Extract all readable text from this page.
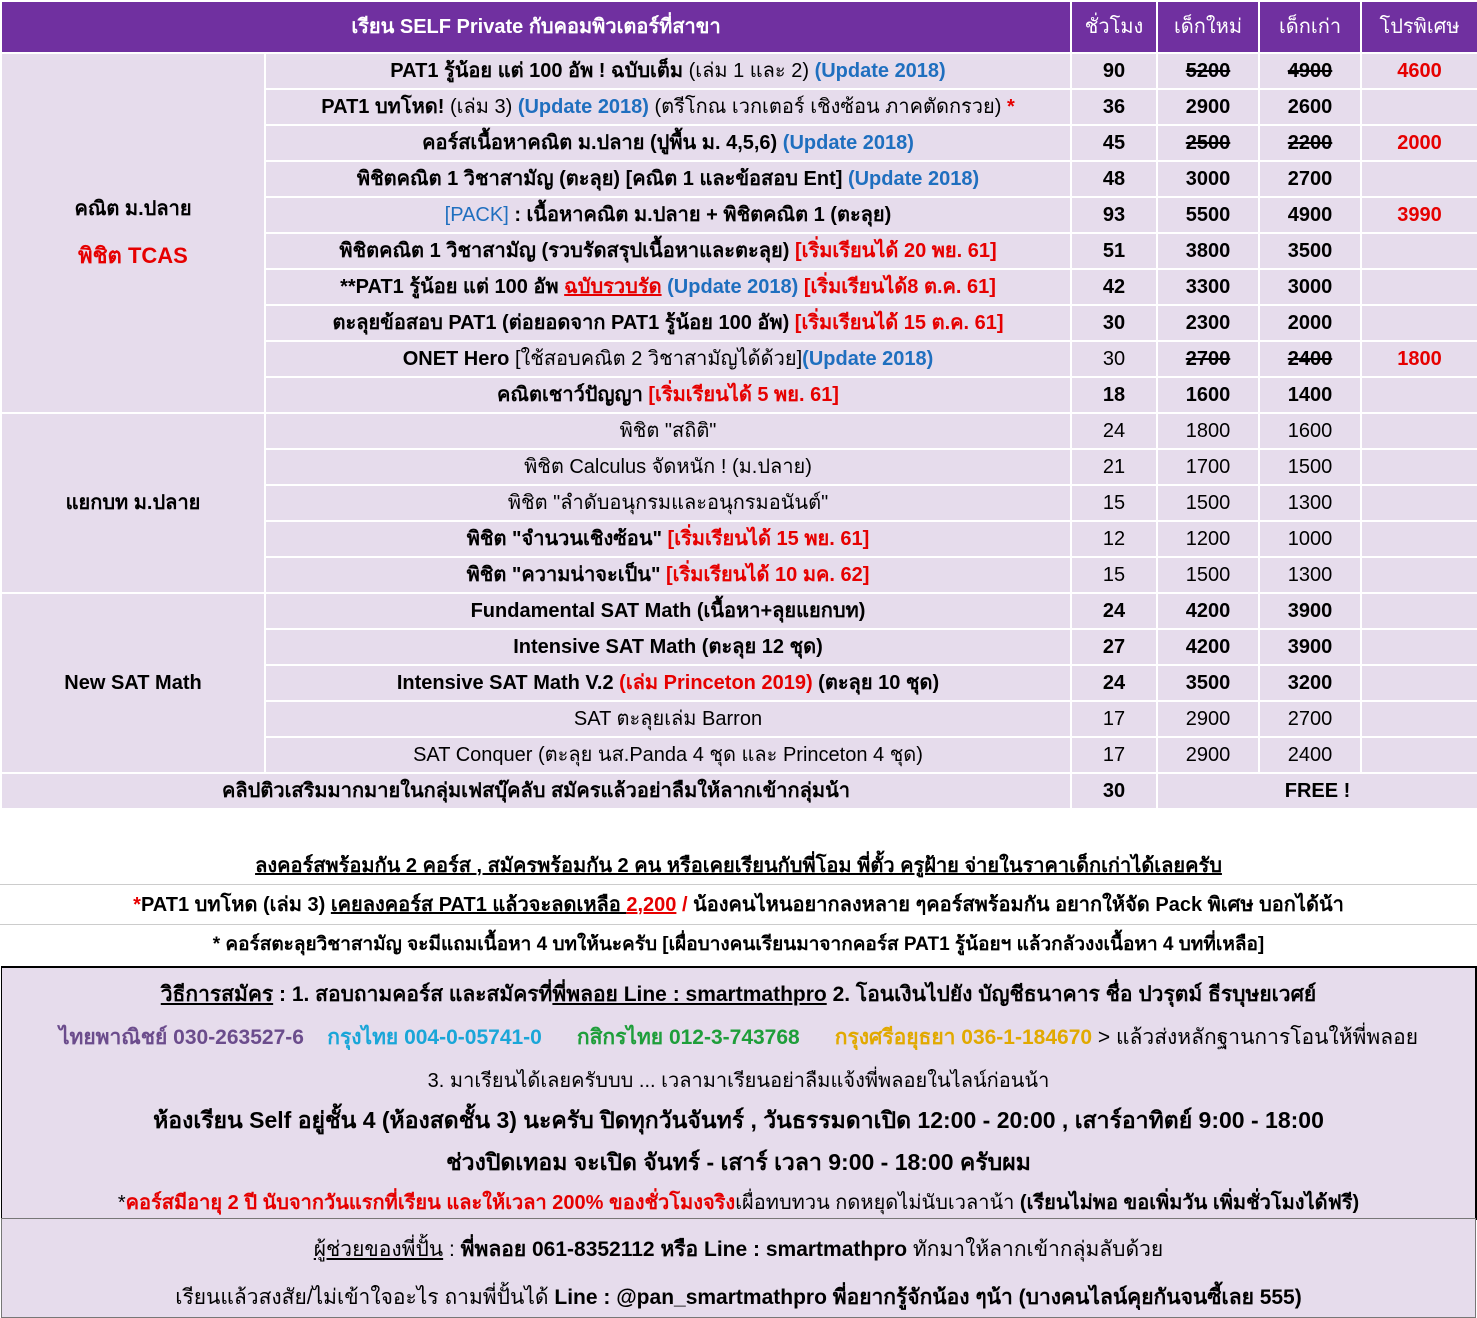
เรียน SELF Private กับคอมพิวเตอร์ที่สาขา		ชั่วโมง	เด็กใหม่	เด็กเก่า	โปรพิเศษ
คณิต ม.ปลาย
พิชิต TCAS	PAT1 รู้น้อย แต่ 100 อัพ ! ฉบับเต็ม (เล่ม 1 และ 2) (Update 2018)	90	5200	4900	4600
	PAT1 บทโหด! (เล่ม 3) (Update 2018) (ตรีโกณ เวกเตอร์ เชิงซ้อน ภาคตัดกรวย) *	36	2900	2600	
	คอร์สเนื้อหาคณิต ม.ปลาย (ปูพื้น ม. 4,5,6) (Update 2018)	45	2500	2200	2000
	พิชิตคณิต 1 วิชาสามัญ (ตะลุย) [คณิต 1 และข้อสอบ Ent] (Update 2018)	48	3000	2700	
	[PACK] : เนื้อหาคณิต ม.ปลาย + พิชิตคณิต 1 (ตะลุย)	93	5500	4900	3990
	พิชิตคณิต 1 วิชาสามัญ (รวบรัดสรุปเนื้อหาและตะลุย) [เริ่มเรียนได้ 20 พย. 61]	51	3800	3500	
	**PAT1 รู้น้อย แต่ 100 อัพ ฉบับรวบรัด (Update 2018) [เริ่มเรียนได้8 ต.ค. 61]	42	3300	3000	
	ตะลุยข้อสอบ PAT1 (ต่อยอดจาก PAT1 รู้น้อย 100 อัพ) [เริ่มเรียนได้ 15 ต.ค. 61]	30	2300	2000	
	ONET Hero [ใช้สอบคณิต 2 วิชาสามัญได้ด้วย](Update 2018)	30	2700	2400	1800
	คณิตเชาว์ปัญญา [เริ่มเรียนได้ 5 พย. 61]	18	1600	1400	
แยกบท ม.ปลาย	พิชิต "สถิติ"	24	1800	1600	
	พิชิต Calculus จัดหนัก ! (ม.ปลาย)	21	1700	1500	
	พิชิต "ลำดับอนุกรมและอนุกรมอนันต์"	15	1500	1300	
	พิชิต "จำนวนเชิงซ้อน" [เริ่มเรียนได้ 15 พย. 61]	12	1200	1000	
	พิชิต "ความน่าจะเป็น" [เริ่มเรียนได้ 10 มค. 62]	15	1500	1300	
New SAT Math	Fundamental SAT Math (เนื้อหา+ลุยแยกบท)	24	4200	3900	
	Intensive SAT Math (ตะลุย 12 ชุด)	27	4200	3900	
	Intensive SAT Math V.2 (เล่ม Princeton 2019) (ตะลุย 10 ชุด)	24	3500	3200	
	SAT ตะลุยเล่ม Barron	17	2900	2700	
	SAT Conquer (ตะลุย นส.Panda 4 ชุด และ Princeton 4 ชุด)	17	2900	2400	
คลิปติวเสริมมากมายในกลุ่มเฟสบุ๊คลับ สมัครแล้วอย่าลืมให้ลากเข้ากลุ่มน้า		30	FREE !		
ลงคอร์สพร้อมกัน 2 คอร์ส , สมัครพร้อมกัน 2 คน หรือเคยเรียนกับพี่โอม พี่ตั้ว ครูฝ้าย จ่ายในราคาเด็กเก่าได้เลยครับ
*PAT1 บทโหด (เล่ม 3) เคยลงคอร์ส PAT1 แล้วจะลดเหลือ 2,200 / น้องคนไหนอยากลงหลาย ๆคอร์สพร้อมกัน อยากให้จัด Pack พิเศษ บอกได้น้า
* คอร์สตะลุยวิชาสามัญ จะมีแถมเนื้อหา 4 บทให้นะครับ [เผื่อบางคนเรียนมาจากคอร์ส PAT1 รู้น้อยฯ แล้วกลัวงงเนื้อหา 4 บทที่เหลือ]
วิธีการสมัคร : 1. สอบถามคอร์ส และสมัครที่พี่พลอย Line : smartmathpro 2. โอนเงินไปยัง บัญชีธนาคาร ชื่อ ปวรุตม์ ธีรบุษยเวศย์
ไทยพาณิชย์ 030-263527-6 กรุงไทย 004-0-05741-0 กสิกรไทย 012-3-743768 กรุงศรีอยุธยา 036-1-184670 > แล้วส่งหลักฐานการโอนให้พี่พลอย
3. มาเรียนได้เลยครับบบ ... เวลามาเรียนอย่าลืมแจ้งพี่พลอยในไลน์ก่อนน้า
ห้องเรียน Self อยู่ชั้น 4 (ห้องสดชั้น 3) นะครับ ปิดทุกวันจันทร์ , วันธรรมดาเปิด 12:00 - 20:00 , เสาร์อาทิตย์ 9:00 - 18:00
ช่วงปิดเทอม จะเปิด จันทร์ - เสาร์ เวลา 9:00 - 18:00 ครับผม
*คอร์สมีอายุ 2 ปี นับจากวันแรกที่เรียน และให้เวลา 200% ของชั่วโมงจริงเผื่อทบทวน กดหยุดไม่นับเวลาน้า (เรียนไม่พอ ขอเพิ่มวัน เพิ่มชั่วโมงได้ฟรี)
ผู้ช่วยของพี่ปั้น : พี่พลอย 061-8352112 หรือ Line : smartmathpro ทักมาให้ลากเข้ากลุ่มลับด้วย
เรียนแล้วสงสัย/ไม่เข้าใจอะไร ถามพี่ปั้นได้ Line : @pan_smartmathpro พี่อยากรู้จักน้อง ๆน้า (บางคนไลน์คุยกันจนซี้เลย 555)
